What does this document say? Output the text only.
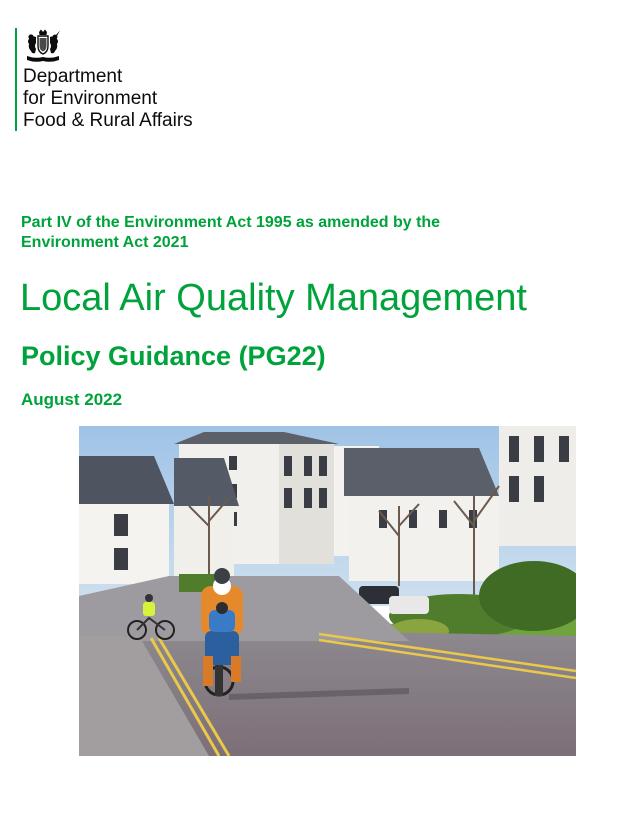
Department
for Environment
Food & Rural Affairs
Part IV of the Environment Act 1995 as amended by the
Environment Act 2021
Local Air Quality Management
Policy Guidance (PG22)
August 2022
